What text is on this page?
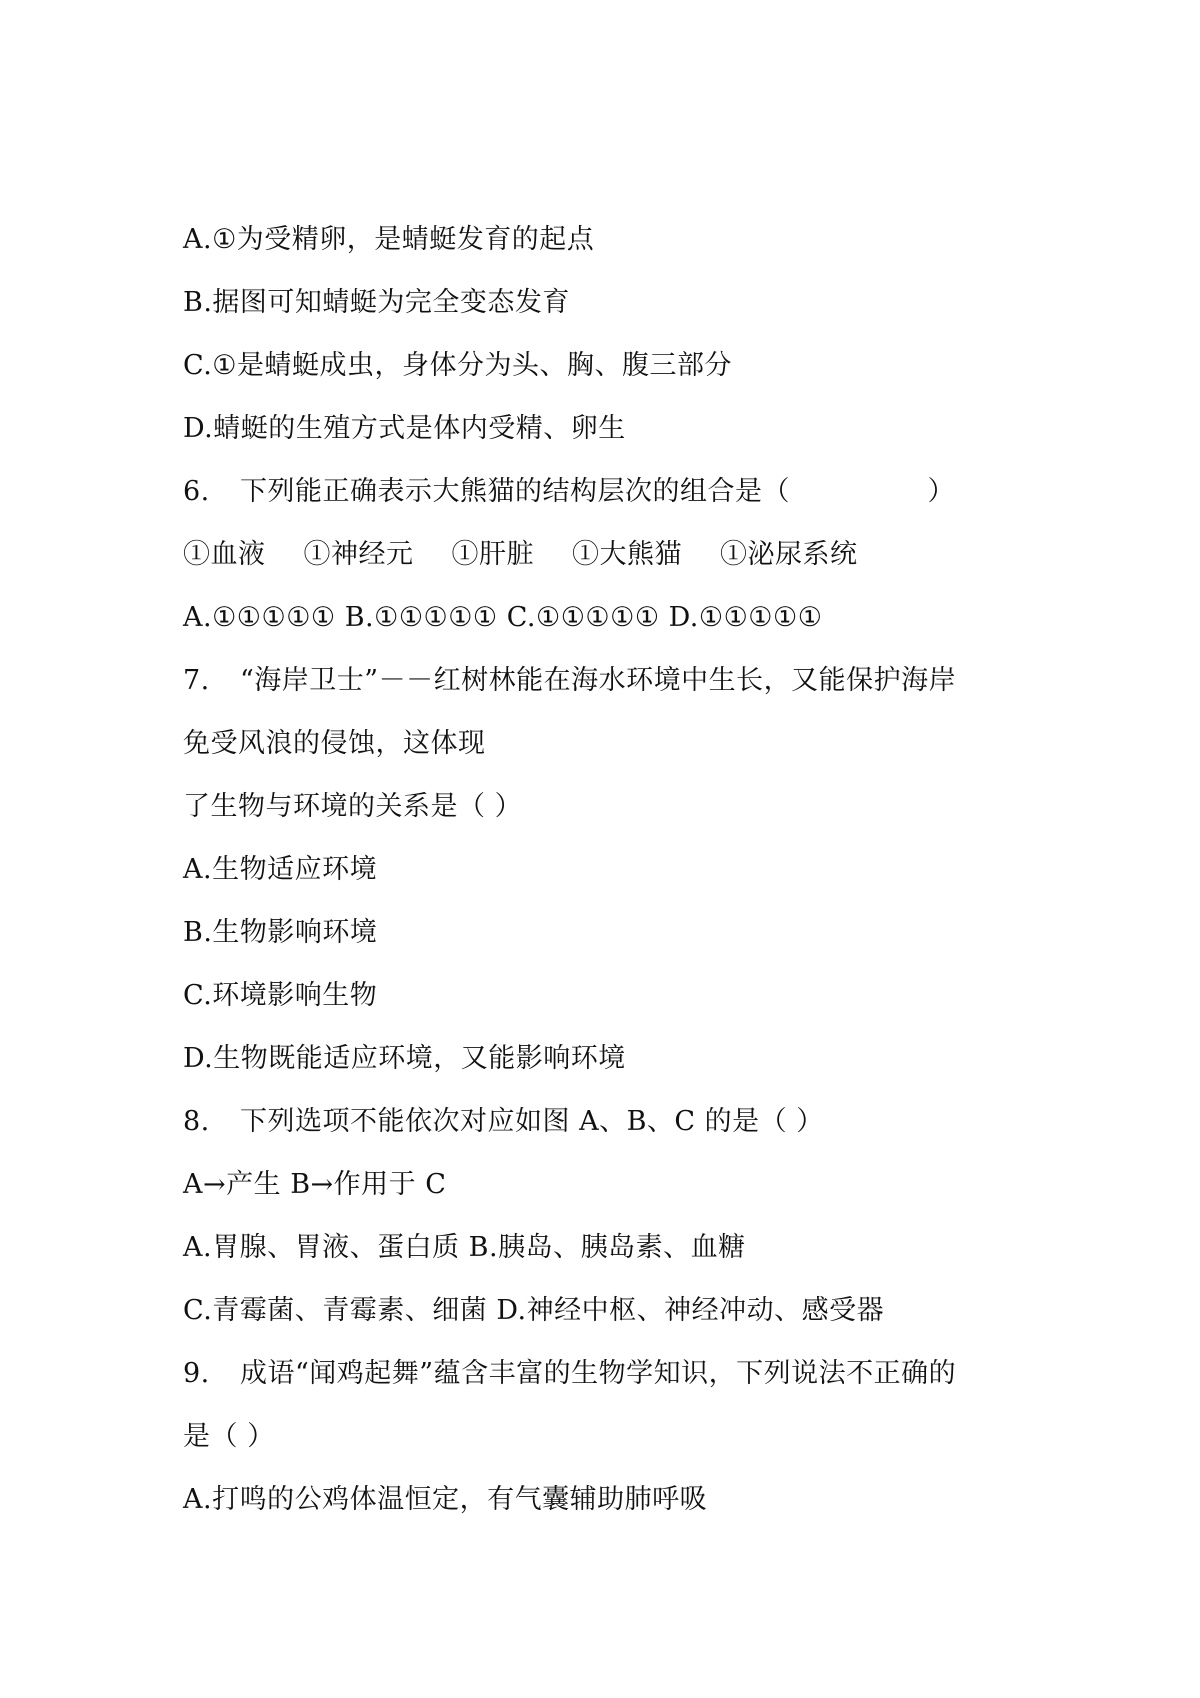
A.①为受精卵，是蜻蜓发育的起点
B.据图可知蜻蜓为完全变态发育
C.①是蜻蜓成虫，身体分为头、胸、腹三部分
D.蜻蜓的生殖方式是体内受精、卵生
6. 下列能正确表示大熊猫的结构层次的组合是（　　　　　）
①血液 ①神经元 ①肝脏 ①大熊猫 ①泌尿系统
A.①①①①① B.①①①①① C.①①①①① D.①①①①①
7. “海岸卫士”－－红树林能在海水环境中生长，又能保护海岸
免受风浪的侵蚀，这体现
了生物与环境的关系是（ ）
A.生物适应环境
B.生物影响环境
C.环境影响生物
D.生物既能适应环境，又能影响环境
8. 下列选项不能依次对应如图 A、B、C 的是（ ）
A→产生 B→作用于 C
A.胃腺、胃液、蛋白质 B.胰岛、胰岛素、血糖
C.青霉菌、青霉素、细菌 D.神经中枢、神经冲动、感受器
9. 成语“闻鸡起舞”蕴含丰富的生物学知识，下列说法不正确的
是（ ）
A.打鸣的公鸡体温恒定，有气囊辅助肺呼吸
